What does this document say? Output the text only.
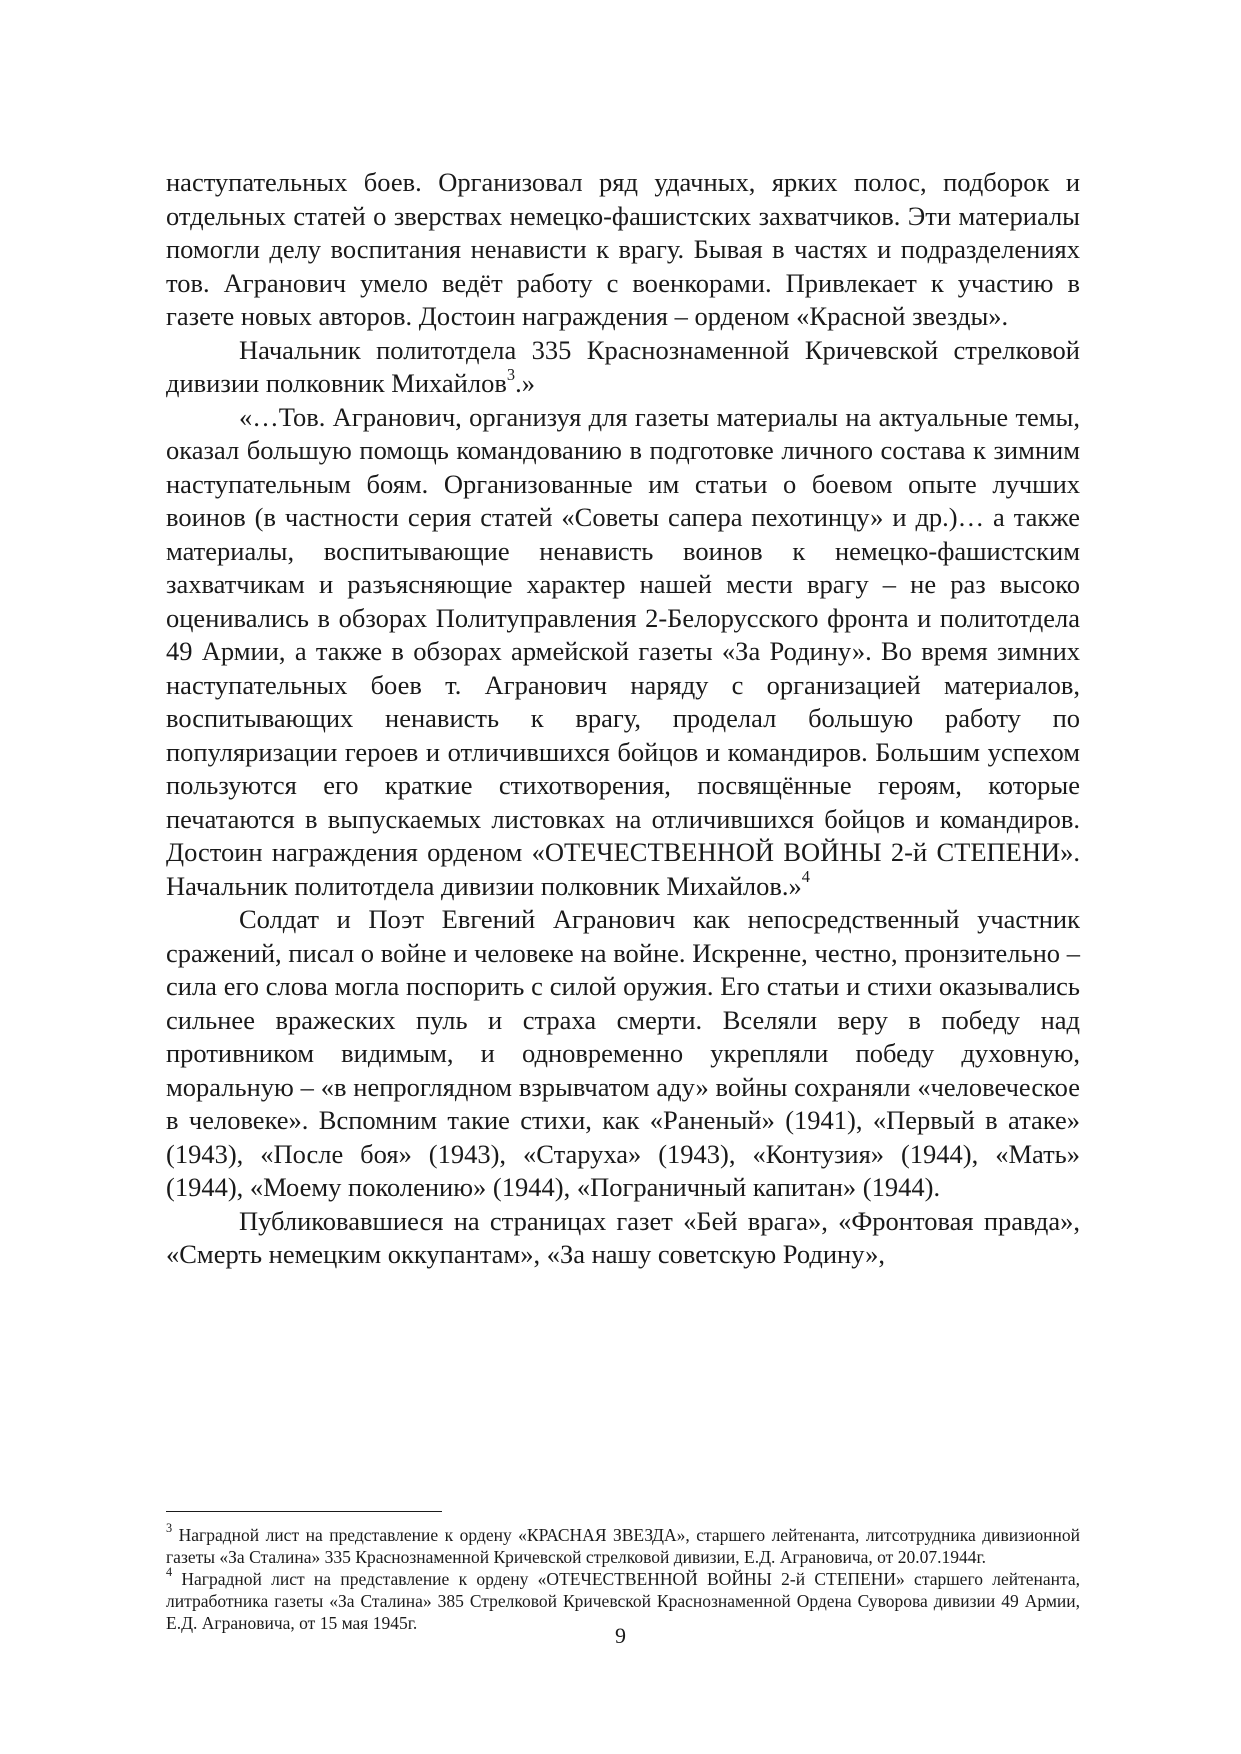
наступательных боев. Организовал ряд удачных, ярких полос, подборок и отдельных статей о зверствах немецко-фашистских захватчиков. Эти материалы помогли делу воспитания ненависти к врагу. Бывая в частях и подразделениях тов. Агранович умело ведёт работу с военкорами. Привлекает к участию в газете новых авторов. Достоин награждения – орденом «Красной звезды».

Начальник политотдела 335 Краснознаменной Кричевской стрелковой дивизии полковник Михайлов$^3$.»

«…Тов. Агранович, организуя для газеты материалы на актуальные темы, оказал большую помощь командованию в подготовке личного состава к зимним наступательным боям. Организованные им статьи о боевом опыте лучших воинов (в частности серия статей «Советы сапера пехотинцу» и др.)… а также материалы, воспитывающие ненависть воинов к немецко-фашистским захватчикам и разъясняющие характер нашей мести врагу – не раз высоко оценивались в обзорах Политуправления 2-Белорусского фронта и политотдела 49 Армии, а также в обзорах армейской газеты «За Родину». Во время зимних наступательных боев т. Агранович наряду с организацией материалов, воспитывающих ненависть к врагу, проделал большую работу по популяризации героев и отличившихся бойцов и командиров. Большим успехом пользуются его краткие стихотворения, посвящённые героям, которые печатаются в выпускаемых листовках на отличившихся бойцов и командиров. Достоин награждения орденом «ОТЕЧЕСТВЕННОЙ ВОЙНЫ 2-й СТЕПЕНИ». Начальник политотдела дивизии полковник Михайлов.»$^4$

Солдат и Поэт Евгений Агранович как непосредственный участник сражений, писал о войне и человеке на войне. Искренне, честно, пронзительно – сила его слова могла поспорить с силой оружия. Его статьи и стихи оказывались сильнее вражеских пуль и страха смерти. Вселяли веру в победу над противником видимым, и одновременно укрепляли победу духовную, моральную – «в непроглядном взрывчатом аду» войны сохраняли «человеческое в человеке». Вспомним такие стихи, как «Раненый» (1941), «Первый в атаке» (1943), «После боя» (1943), «Старуха» (1943), «Контузия» (1944), «Мать» (1944), «Моему поколению» (1944), «Пограничный капитан» (1944).

Публиковавшиеся на страницах газет «Бей врага», «Фронтовая правда», «Смерть немецким оккупантам», «За нашу советскую Родину»,

$^3$ Наградной лист на представление к ордену «КРАСНАЯ ЗВЕЗДА», старшего лейтенанта, литсотрудника дивизионной газеты «За Сталина» 335 Краснознаменной Кричевской стрелковой дивизии, Е.Д. Аграновича, от 20.07.1944г.

$^4$ Наградной лист на представление к ордену «ОТЕЧЕСТВЕННОЙ ВОЙНЫ 2-й СТЕПЕНИ» старшего лейтенанта, литработника газеты «За Сталина» 385 Стрелковой Кричевской Краснознаменной Ордена Суворова дивизии 49 Армии, Е.Д. Аграновича, от 15 мая 1945г.	9
